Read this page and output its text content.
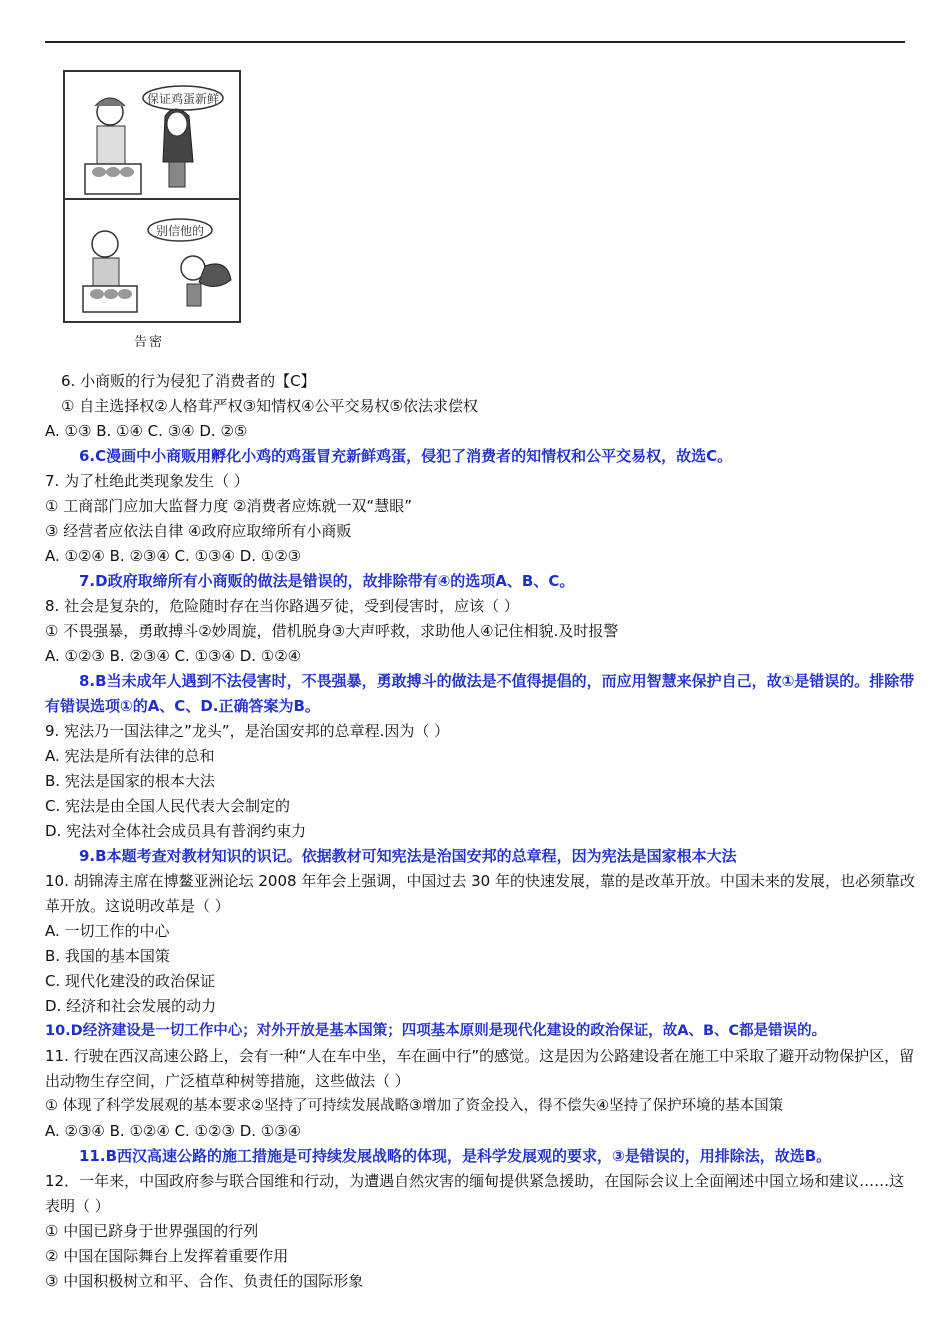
保证鸡蛋新鲜
别信他的
告密
6. 小商贩的行为侵犯了消费者的【C】
① 自主选择权②人格茸严权③知情权④公平交易权⑤依法求偿权
A. ①③ B. ①④ C. ③④ D. ②⑤
6.C漫画中小商贩用孵化小鸡的鸡蛋冒充新鲜鸡蛋，侵犯了消费者的知情权和公平交易权，故选C。
7. 为了杜绝此类现象发生（ ）
① 工商部门应加大监督力度 ②消费者应炼就一双“慧眼”
③ 经营者应依法自律 ④政府应取缔所有小商贩
A. ①②④ B. ②③④ C. ①③④ D. ①②③
7.D政府取缔所有小商贩的做法是错误的，故排除带有④的选项A、B、C。
8. 社会是复杂的，危险随时存在当你路遇歹徒，受到侵害时，应该（ ）
① 不畏强暴，勇敢搏斗②妙周旋，借机脱身③大声呼救，求助他人④记住相貌.及时报警
A. ①②③ B. ②③④ C. ①③④ D. ①②④
8.B当未成年人遇到不法侵害时，不畏强暴，勇敢搏斗的做法是不值得提倡的，而应用智慧来保护自己，故①是错误的。排除带有错误选项①的A、C、D.正确答案为B。
9. 宪法乃一国法律之”龙头”，是治国安邦的总章程.因为（ ）
A. 宪法是所有法律的总和
B. 宪法是国家的根本大法
C. 宪法是由全国人民代表大会制定的
D. 宪法对全体社会成员具有普润约束力
9.B本题考查对教材知识的识记。依据教材可知宪法是治国安邦的总章程，因为宪法是国家根本大法
10. 胡锦涛主席在博鳌亚洲论坛 2008 年年会上强调，中国过去 30 年的快速发展，靠的是改革开放。中国未来的发展，也必须靠改革开放。这说明改革是（ ）
A. 一切工作的中心
B. 我国的基本国策
C. 现代化建没的政治保证
D. 经济和社会发展的动力
10.D经济建设是一切工作中心；对外开放是基本国策；四项基本原则是现代化建设的政治保证，故A、B、C都是错误的。
11. 行驶在西汉高速公路上，会有一种“人在车中坐，车在画中行”的感觉。这是因为公路建设者在施工中采取了避开动物保护区，留出动物生存空间，广泛植草种树等措施，这些做法（ ）
① 体现了科学发展观的基本要求②坚持了可持续发展战略③增加了资金投入，得不偿失④坚持了保护环境的基本国策
A. ②③④ B. ①②④ C. ①②③ D. ①③④
11.B西汉高速公路的施工措施是可持续发展战略的体现，是科学发展观的要求，③是错误的，用排除法，故选B。
12．一年来，中国政府参与联合国维和行动，为遭遇自然灾害的缅甸提供紧急援助，在国际会议上全面阐述中国立场和建议……这表明（ ）
① 中国已跻身于世界强国的行列
② 中国在国际舞台上发挥着重要作用
③ 中国积极树立和平、合作、负责任的国际形象
